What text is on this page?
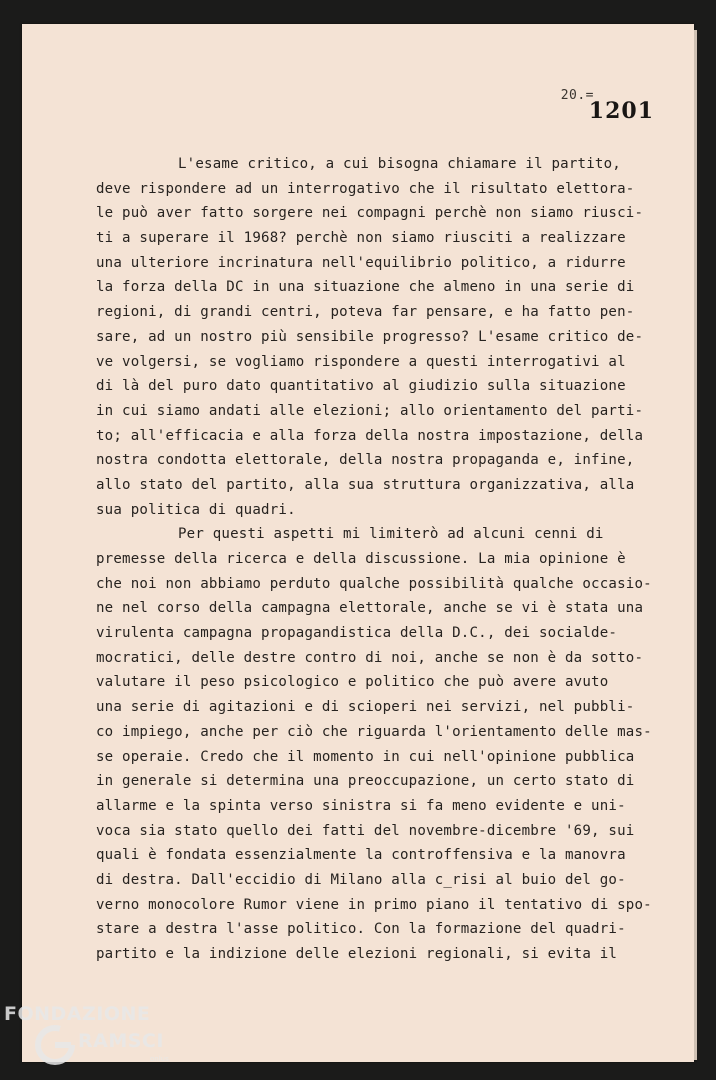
20.=
1201
L'esame critico, a cui bisogna chiamare il partito,
deve rispondere ad un interrogativo che il risultato elettora-
le può aver fatto sorgere nei compagni perchè non siamo riusci-
ti a superare il 1968? perchè non siamo riusciti a realizzare
una ulteriore incrinatura nell'equilibrio politico, a ridurre
la forza della DC in una situazione che almeno in una serie di
regioni, di grandi centri, poteva far pensare, e ha fatto pen-
sare, ad un nostro più sensibile progresso? L'esame critico de-
ve volgersi, se vogliamo rispondere a questi interrogativi al
di là del puro dato quantitativo al giudizio sulla situazione
in cui siamo andati alle elezioni; allo orientamento del parti-
to; all'efficacia e alla forza della nostra impostazione, della
nostra condotta elettorale, della nostra propaganda e, infine,
allo stato del partito, alla sua struttura organizzativa, alla
sua politica di quadri.
Per questi aspetti mi limiterò ad alcuni cenni di
premesse della ricerca e della discussione. La mia opinione è
che noi non abbiamo perduto qualche possibilità qualche occasio-
ne nel corso della campagna elettorale, anche se vi è stata una
virulenta campagna propagandistica della D.C., dei socialde-
mocratici, delle destre contro di noi, anche se non è da sotto-
valutare il peso psicologico e politico che può avere avuto
una serie di agitazioni e di scioperi nei servizi, nel pubbli-
co impiego, anche per ciò che riguarda l'orientamento delle mas-
se operaie. Credo che il momento in cui nell'opinione pubblica
in generale si determina una preoccupazione, un certo stato di
allarme e la spinta verso sinistra si fa meno evidente e uni-
voca sia stato quello dei fatti del novembre-dicembre '69, sui
quali è fondata essenzialmente la controffensiva e la manovra
di destra. Dall'eccidio di Milano alla c_risi al buio del go-
verno monocolore Rumor viene in primo piano il tentativo di spo-
stare a destra l'asse politico. Con la formazione del quadri-
partito e la indizione delle elezioni regionali, si evita il
FONDAZIONE
RAMSCI
onlus
